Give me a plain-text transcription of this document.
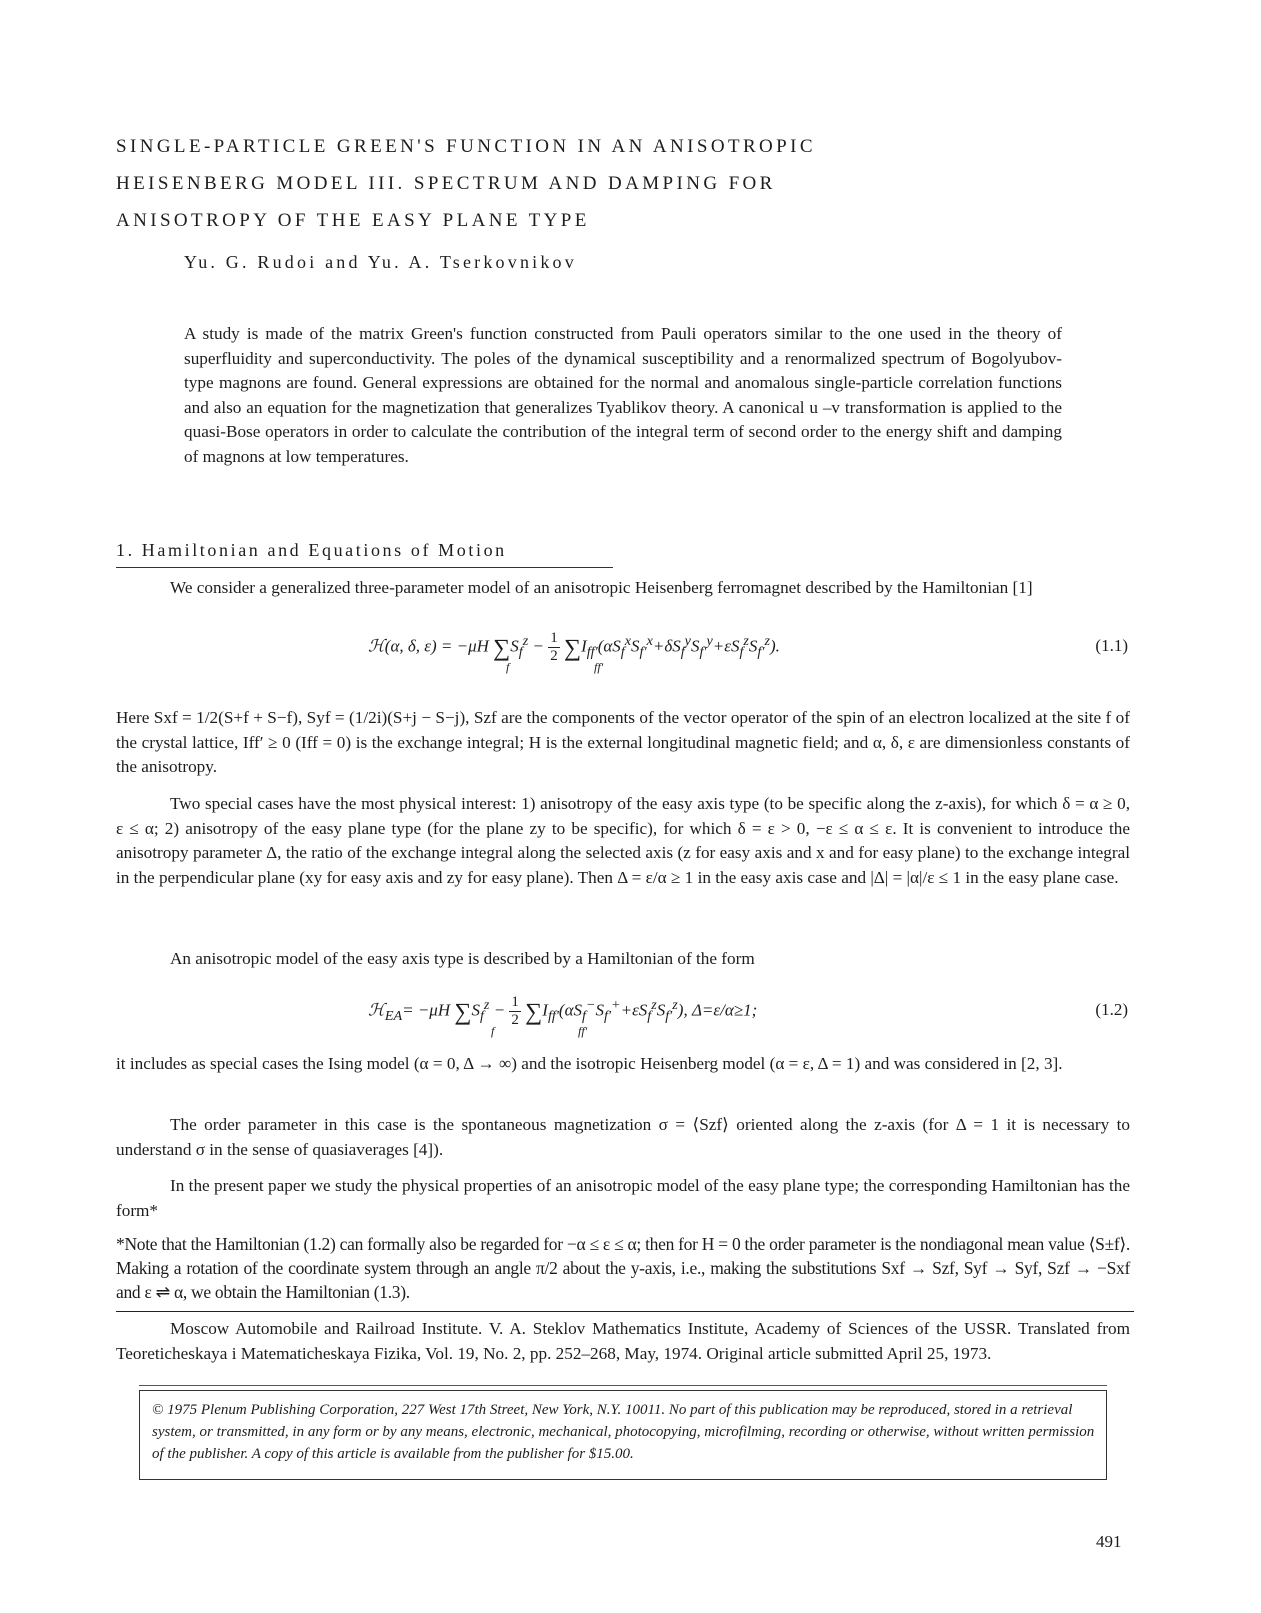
SINGLE-PARTICLE GREEN'S FUNCTION IN AN ANISOTROPIC
HEISENBERG MODEL III. SPECTRUM AND DAMPING FOR
ANISOTROPY OF THE EASY PLANE TYPE
Yu. G. Rudoi and Yu. A. Tserkovnikov

A study is made of the matrix Green's function constructed from Pauli operators similar to the one used in the theory of superfluidity and superconductivity. The poles of the dynamical susceptibility and a renormalized spectrum of Bogolyubov-type magnons are found. General expressions are obtained for the normal and anomalous single-particle correlation functions and also an equation for the magnetization that generalizes Tyablikov theory. A canonical u –v transformation is applied to the quasi-Bose operators in order to calculate the contribution of the integral term of second order to the energy shift and damping of magnons at low temperatures.

1. Hamiltonian and Equations of Motion

We consider a generalized three-parameter model of an anisotropic Heisenberg ferromagnet described by the Hamiltonian [1]

ℋ(α, δ, ε) = −μH $\sum S_f^z - \frac{1}{2} \sum I_{ff'}(\alpha S_f^xS_{f'}^x+\delta S_f^yS_{f'}^y+\varepsilon S_f^zS_{f'}^z)$.
f	ff′
(1.1)

Here Sxf = 1/2(S+f + S−f), Syf = (1/2i)(S+j − S−j), Szf are the components of the vector operator of the spin of an electron localized at the site f of the crystal lattice, Iff′ ≥ 0 (Iff = 0) is the exchange integral; H is the external longitudinal magnetic field; and α, δ, ε are dimensionless constants of the anisotropy.

Two special cases have the most physical interest: 1) anisotropy of the easy axis type (to be specific along the z-axis), for which δ = α ≥ 0, ε ≤ α; 2) anisotropy of the easy plane type (for the plane zy to be specific), for which δ = ε > 0, −ε ≤ α ≤ ε. It is convenient to introduce the anisotropy parameter Δ, the ratio of the exchange integral along the selected axis (z for easy axis and x and for easy plane) to the exchange integral in the perpendicular plane (xy for easy axis and zy for easy plane). Then Δ = ε/α ≥ 1 in the easy axis case and |Δ| = |α|/ε ≤ 1 in the easy plane case.

An anisotropic model of the easy axis type is described by a Hamiltonian of the form

ℋ$_{EA}$= −μH $\sum S_f^z - \frac{1}{2} \sum I_{ff'}(\alpha S_f^-S_{f'}^++\varepsilon S_f^zS_{f'}^z)$, Δ=ε/α≥1;
f	ff′
(1.2)

it includes as special cases the Ising model (α = 0, Δ → ∞) and the isotropic Heisenberg model (α = ε, Δ = 1) and was considered in [2, 3].

The order parameter in this case is the spontaneous magnetization σ = ⟨Szf⟩ oriented along the z-axis (for Δ = 1 it is necessary to understand σ in the sense of quasiaverages [4]).

In the present paper we study the physical properties of an anisotropic model of the easy plane type; the corresponding Hamiltonian has the form*

*Note that the Hamiltonian (1.2) can formally also be regarded for −α ≤ ε ≤ α; then for H = 0 the order parameter is the nondiagonal mean value ⟨S±f⟩. Making a rotation of the coordinate system through an angle π/2 about the y-axis, i.e., making the substitutions Sxf → Szf, Syf → Syf, Szf → −Sxf and ε ⇌ α, we obtain the Hamiltonian (1.3).

Moscow Automobile and Railroad Institute. V. A. Steklov Mathematics Institute, Academy of Sciences of the USSR. Translated from Teoreticheskaya i Matematicheskaya Fizika, Vol. 19, No. 2, pp. 252–268, May, 1974. Original article submitted April 25, 1973.

© 1975 Plenum Publishing Corporation, 227 West 17th Street, New York, N.Y. 10011. No part of this publication may be reproduced, stored in a retrieval system, or transmitted, in any form or by any means, electronic, mechanical, photocopying, microfilming, recording or otherwise, without written permission of the publisher. A copy of this article is available from the publisher for $15.00.
491
